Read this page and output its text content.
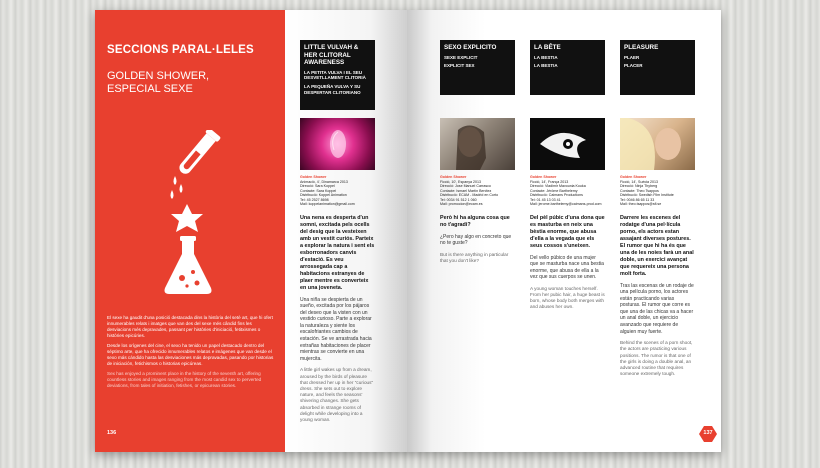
SECCIONS PARAL·LELES
GOLDEN SHOWER,
ESPECIAL SEXE

El sexe ha gaudit d'una posició destacada dins la història del setè art, que hi ofert innumerables relats i imatges que van des del sexe més cândid fins les desviacions més depravades, passant per històries d'iniciació, fetitxismes o històries epicúries.

Desde los orígenes del cine, el sexo ha tenido un papel destacado dentro del séptimo arte, que ha ofrecido innumerables relatos e imágenes que van desde el sexo más cándido hasta las desviaciones más depravadas, pasando por historias de iniciación, fetichismos o historias epicúreas.

Sex has enjoyed a prominent place in the history of the seventh art, offering countless stories and images ranging from the most candid sex to perverted deviations, from tales of initiation, fetishes, or epicurean stories.

136
LITTLE VULVAH & HER CLITORAL AWARENESS
LA PETITA VULVA I EL SEU DESVETLLAMENT CLITORIÀ
LA PEQUEÑA VULVA Y SU DESPERTAR CLITORIANO
Golden Shower
Animació, 4', Dinamarca 2013
Direcció: Sara Koppel
Contacte: Sara Koppel
Distribució: Koppel Animation
Tel: 45 2527 8698
Mail: koppelanimation@gmail.com
Una nena es desperta d'un somni, excitada pels ocells del desig que la vesteixen amb un vestit curiós. Parteix a explorar la natura i sent els esborronadors canvis d'estació. Es veu arrossegada cap a habitacions estranyes de plaer mentre es converteix en una joveneta.
Una niña se despierta de un sueño, excitada por los pájaros del deseo que la visten con un vestido curioso. Parte a explorar la naturaleza y siente los escalofriantes cambios de estación. Se ve arrastrada hacia extrañas habitaciones de placer mientras se convierte en una mujercita.
A little girl wakes up from a dream, aroused by the birds of pleasure that dressed her up in her "curious" dress. She sets out to explore nature, and feels the seasons' shivering changes. She gets absorbed in strange rooms of delight while developing into a young woman.
SEXO EXPLICITO
SEXE EXPLICIT
EXPLICIT SEX
Golden Shower
Ficció, 10', Espanya 2013
Direcció: Jose Manuel Carrasco
Contacte: Ismael Martín Benítez
Distribució: ECAM - Madrid en Corto
Tel: 0034 91 512 1 060
Mail: promocion@ecam.es
Però hi ha alguna cosa que no t'agradi?
¿Pero hay algo en concreto que no te guste?
But is there anything in particular that you don't like?
LA BÊTE
LA BESTIA
LA BESTIA
Golden Shower
Ficció, 14', França 2013
Direcció: Vladimir Mavounia Kouka
Contacte: Jérôme Barthelemy
Distribució: Caimans Productions
Tel: 01 45 13 03 41
Mail: jerome.barthelemy@caimans-prod.com
Del pèl púbic d'una dona que es masturba en neix una bèstia enorme, que abusa d'ella a la vegada que els seus cossos s'uneixen.
Del vello púbico de una mujer que se masturba nace una bestia enorme, que abusa de ella a la vez que sus cuerpos se unen.
A young woman touches herself. From her pubic hair, a huge beast is born, whose body both merges with and abuses her own.
PLEASURE
PLAER
PLACER
Golden Shower
Ficció, 14', Suècia 2013
Direcció: Ninja Thyberg
Contacte: Theo Tsappos
Distribució: Swedish Film Institute
Tel: 0046 86 65 11 33
Mail: theo.tsappos@sfi.se
Darrere les escenes del rodatge d'una pel·lícula porno, els actors estan assajant diverses postures. El rumor que hi ha és que una de les noies farà un anal doble, un exercici avançat que requereix una persona molt forta.
Tras las escenas de un rodaje de una película porno, los actores están practicando varias posturas. El rumor que corre es que una de las chicas va a hacer un anal doble, un ejercicio avanzado que requiere de alguien muy fuerte.
Behind the scenes of a porn shoot, the actors are practicing various positions. The rumor is that one of the girls is doing a double anal, an advanced routine that requires someone extremely tough.
137
